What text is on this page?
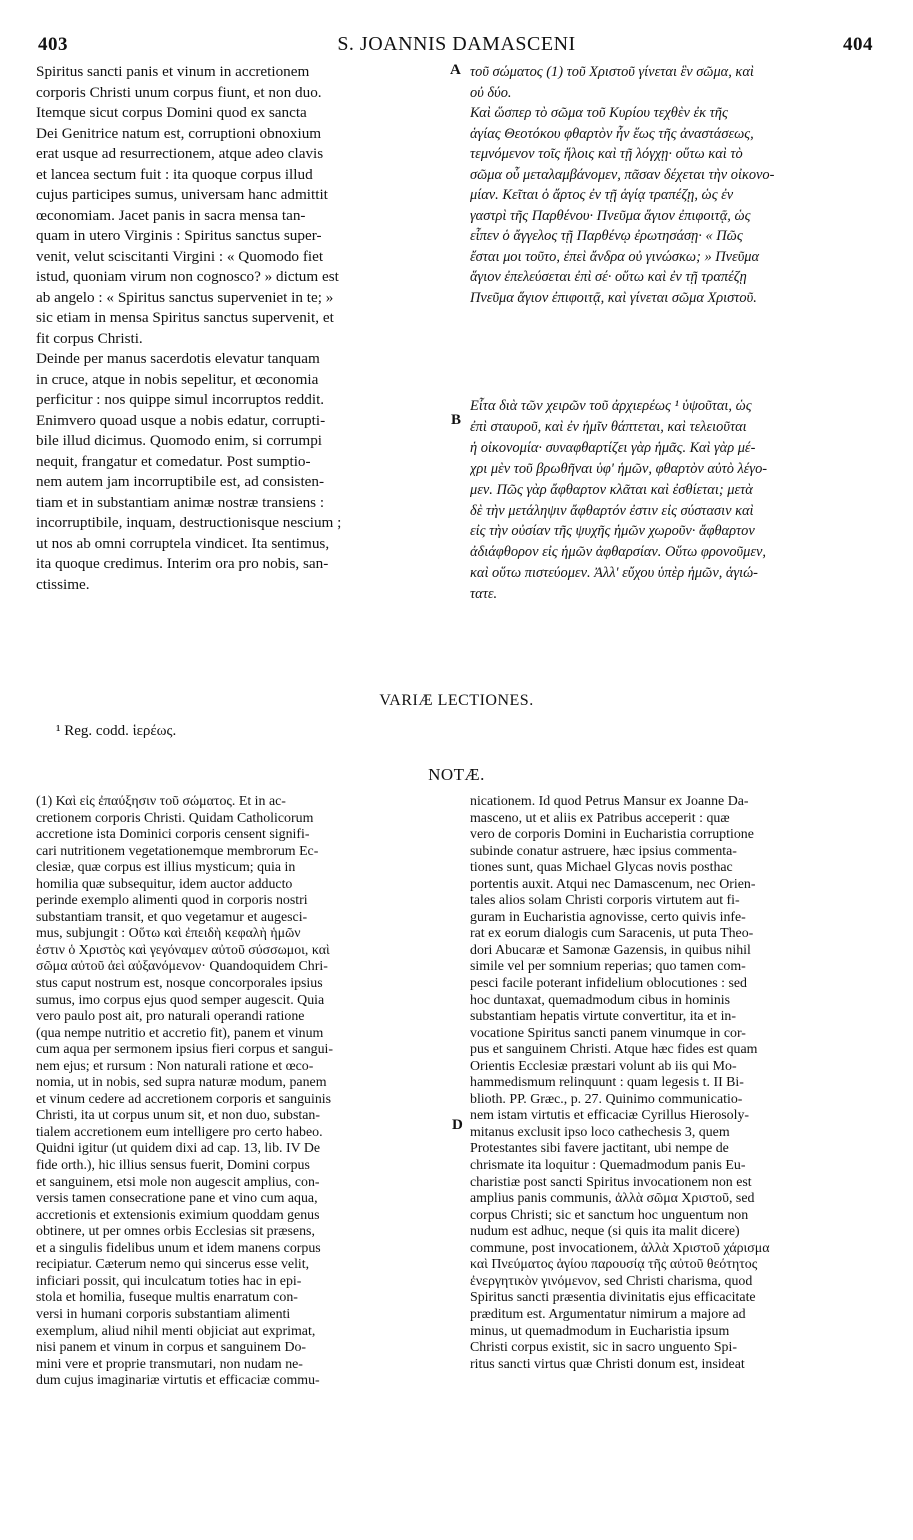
403	S. JOANNIS DAMASCENI	404
Spiritus sancti panis et vinum in accretionem
corporis Christi unum corpus fiunt, et non duo.
Itemque sicut corpus Domini quod ex sancta
Dei Genitrice natum est, corruptioni obnoxium
erat usque ad resurrectionem, atque adeo clavis
et lancea sectum fuit : ita quoque corpus illud
cujus participes sumus, universam hanc admittit
œconomiam. Jacet panis in sacra mensa tan-
quam in utero Virginis : Spiritus sanctus super-
venit, velut sciscitanti Virgini : « Quomodo fiet
istud, quoniam virum non cognosco? » dictum est
ab angelo : « Spiritus sanctus superveniet in te; »
sic etiam in mensa Spiritus sanctus supervenit, et
fit corpus Christi.
Deinde per manus sacerdotis elevatur tanquam
in cruce, atque in nobis sepelitur, et œconomia
perficitur : nos quippe simul incorruptos reddit.
Enimvero quoad usque a nobis edatur, corrupti-
bile illud dicimus. Quomodo enim, si corrumpi
nequit, frangatur et comedatur. Post sumptio-
nem autem jam incorruptibile est, ad consisten-
tiam et in substantiam animæ nostræ transiens :
incorruptibile, inquam, destructionisque nescium ;
ut nos ab omni corruptela vindicet. Ita sentimus,
ita quoque credimus. Interim ora pro nobis, san-
ctissime.
τοῦ σώματος (1) τοῦ Χριστοῦ γίνεται ἓν σῶμα, καὶ
οὐ δύο.
Καὶ ὥσπερ τὸ σῶμα τοῦ Κυρίου τεχθὲν ἐκ τῆς
ἁγίας Θεοτόκου φθαρτὸν ἦν ἕως τῆς ἀναστάσεως,
τεμνόμενον τοῖς ἥλοις καὶ τῇ λόγχῃ· οὕτω καὶ τὸ
σῶμα οὗ μεταλαμβάνομεν, πᾶσαν δέχεται τὴν οἰκονο-
μίαν. Κεῖται ὁ ἄρτος ἐν τῇ ἁγίᾳ τραπέζῃ, ὡς ἐν
γαστρὶ τῆς Παρθένου· Πνεῦμα ἅγιον ἐπιφοιτᾷ, ὡς
εἶπεν ὁ ἄγγελος τῇ Παρθένῳ ἐρωτησάσῃ· « Πῶς
ἔσται μοι τοῦτο, ἐπεὶ ἄνδρα οὐ γινώσκω; » Πνεῦμα
ἅγιον ἐπελεύσεται ἐπὶ σέ· οὕτω καὶ ἐν τῇ τραπέζῃ
Πνεῦμα ἅγιον ἐπιφοιτᾷ, καὶ γίνεται σῶμα Χριστοῦ.
Εἶτα διὰ τῶν χειρῶν τοῦ ἀρχιερέως ¹ ὑψοῦται, ὡς
ἐπὶ σταυροῦ, καὶ ἐν ἡμῖν θάπτεται, καὶ τελειοῦται
ἡ οἰκονομία· συναφθαρτίζει γὰρ ἡμᾶς. Καὶ γὰρ μέ-
χρι μὲν τοῦ βρωθῆναι ὑφ' ἡμῶν, φθαρτὸν αὐτὸ λέγο-
μεν. Πῶς γὰρ ἄφθαρτον κλᾶται καὶ ἐσθίεται; μετὰ
δὲ τὴν μετάληψιν ἄφθαρτόν ἐστιν εἰς σύστασιν καὶ
εἰς τὴν οὐσίαν τῆς ψυχῆς ἡμῶν χωροῦν· ἄφθαρτον
ἀδιάφθορον εἰς ἡμῶν ἀφθαρσίαν. Οὕτω φρονοῦμεν,
καὶ οὕτω πιστεύομεν. Ἀλλ' εὔχου ὑπὲρ ἡμῶν, ἁγιώ-
τατε.
A
B
D
VARIÆ LECTIONES.
¹ Reg. codd. ἱερέως.
NOTÆ.
(1) Καὶ εἰς ἐπαύξησιν τοῦ σώματος. Et in ac-
cretionem corporis Christi. Quidam Catholicorum
accretione ista Dominici corporis censent signifi-
cari nutritionem vegetationemque membrorum Ec-
clesiæ, quæ corpus est illius mysticum; quia in
homilia quæ subsequitur, idem auctor adducto
perinde exemplo alimenti quod in corporis nostri
substantiam transit, et quo vegetamur et augesci-
mus, subjungit : Οὕτω καὶ ἐπειδὴ κεφαλὴ ἡμῶν
ἐστιν ὁ Χριστὸς καὶ γεγόναμεν αὐτοῦ σύσσωμοι, καὶ
σῶμα αὐτοῦ ἀεὶ αὐξανόμενον· Quandoquidem Chri-
stus caput nostrum est, nosque concorporales ipsius
sumus, imo corpus ejus quod semper augescit. Quia
vero paulo post ait, pro naturali operandi ratione
(qua nempe nutritio et accretio fit), panem et vinum
cum aqua per sermonem ipsius fieri corpus et sangui-
nem ejus; et rursum : Non naturali ratione et œco-
nomia, ut in nobis, sed supra naturæ modum, panem
et vinum cedere ad accretionem corporis et sanguinis
Christi, ita ut corpus unum sit, et non duo, substan-
tialem accretionem eum intelligere pro certo habeo.
Quidni igitur (ut quidem dixi ad cap. 13, lib. IV De
fide orth.), hic illius sensus fuerit, Domini corpus
et sanguinem, etsi mole non augescit amplius, con-
versis tamen consecratione pane et vino cum aqua,
accretionis et extensionis eximium quoddam genus
obtinere, ut per omnes orbis Ecclesias sit præsens,
et a singulis fidelibus unum et idem manens corpus
recipiatur. Cæterum nemo qui sincerus esse velit,
inficiari possit, qui inculcatum toties hac in epi-
stola et homilia, fuseque multis enarratum con-
versi in humani corporis substantiam alimenti
exemplum, aliud nihil menti objiciat aut exprimat,
nisi panem et vinum in corpus et sanguinem Do-
mini vere et proprie transmutari, non nudam ne-
dum cujus imaginariæ virtutis et efficaciæ commu-
nicationem. Id quod Petrus Mansur ex Joanne Da-
masceno, ut et aliis ex Patribus acceperit : quæ
vero de corporis Domini in Eucharistia corruptione
subinde conatur astruere, hæc ipsius commenta-
tiones sunt, quas Michael Glycas novis posthac
portentis auxit. Atqui nec Damascenum, nec Orien-
tales alios solam Christi corporis virtutem aut fi-
guram in Eucharistia agnovisse, certo quivis infe-
rat ex eorum dialogis cum Saracenis, ut puta Theo-
dori Abucaræ et Samonæ Gazensis, in quibus nihil
simile vel per somnium reperias; quo tamen com-
pesci facile poterant infidelium oblocutiones : sed
hoc duntaxat, quemadmodum cibus in hominis
substantiam hepatis virtute convertitur, ita et in-
vocatione Spiritus sancti panem vinumque in cor-
pus et sanguinem Christi. Atque hæc fides est quam
Orientis Ecclesiæ præstari volunt ab iis qui Mo-
hammedismum relinquunt : quam legesis t. II Bi-
blioth. PP. Græc., p. 27. Quinimo communicatio-
nem istam virtutis et efficaciæ Cyrillus Hierosoly-
mitanus exclusit ipso loco cathechesis 3, quem
Protestantes sibi favere jactitant, ubi nempe de
chrismate ita loquitur : Quemadmodum panis Eu-
charistiæ post sancti Spiritus invocationem non est
amplius panis communis, ἀλλὰ σῶμα Χριστοῦ, sed
corpus Christi; sic et sanctum hoc unguentum non
nudum est adhuc, neque (si quis ita malit dicere)
commune, post invocationem, ἀλλὰ Χριστοῦ χάρισμα
καὶ Πνεύματος ἁγίου παρουσίᾳ τῆς αὐτοῦ θεότητος
ἐνεργητικὸν γινόμενον, sed Christi charisma, quod
Spiritus sancti præsentia divinitatis ejus efficacitate
præditum est. Argumentatur nimirum a majore ad
minus, ut quemadmodum in Eucharistia ipsum
Christi corpus existit, sic in sacro unguento Spi-
ritus sancti virtus quæ Christi donum est, insideat
